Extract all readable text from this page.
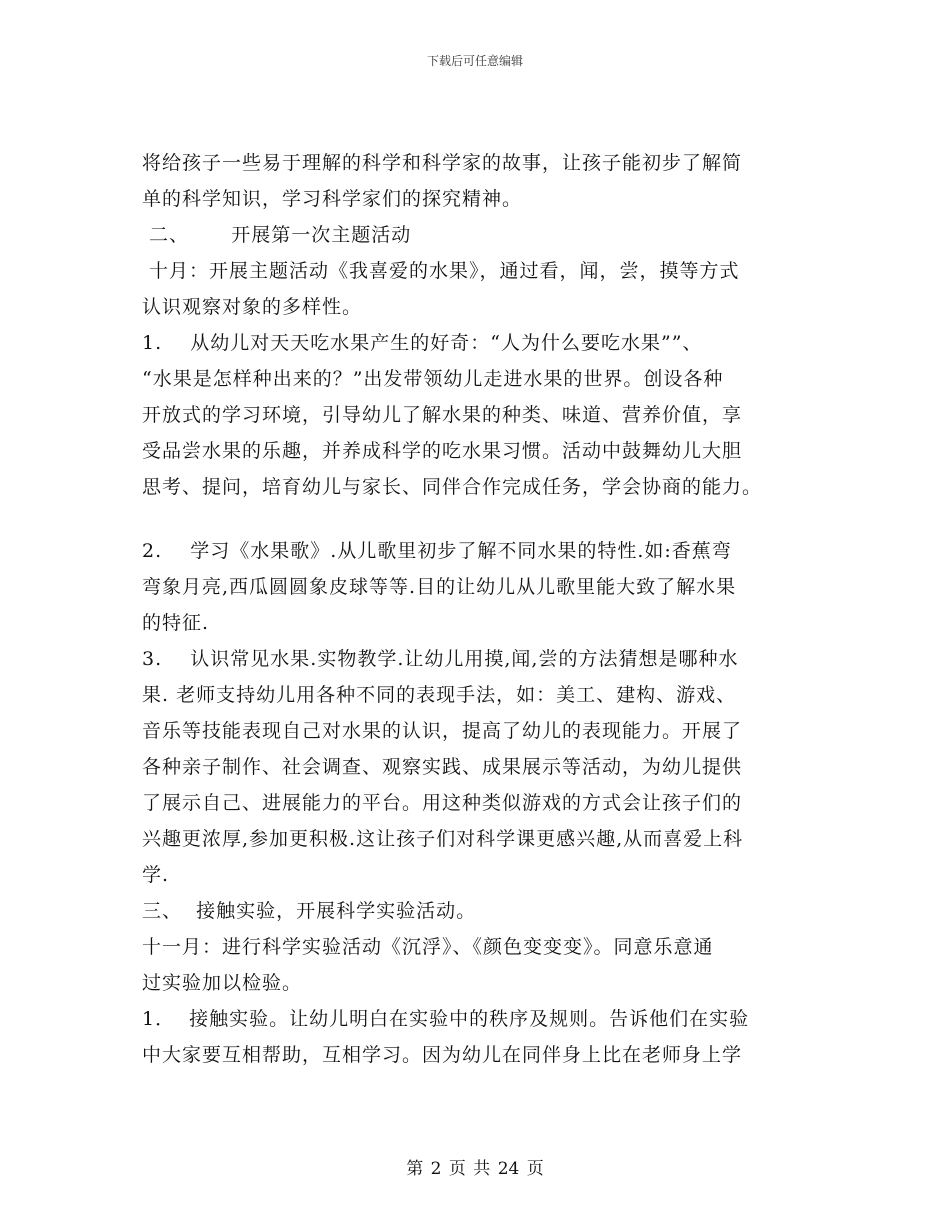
下载后可任意编辑
将给孩子一些易于理解的科学和科学家的故事，让孩子能初步了解简
单的科学知识，学习科学家们的探究精神。
二、      开展第一次主题活动
十月：开展主题活动《我喜爱的水果》，通过看，闻，尝，摸等方式
认识观察对象的多样性。
1.    从幼儿对天天吃水果产生的好奇：“人为什么要吃水果””、
“水果是怎样种出来的？”出发带领幼儿走进水果的世界。创设各种
开放式的学习环境，引导幼儿了解水果的种类、味道、营养价值，享
受品尝水果的乐趣，并养成科学的吃水果习惯。活动中鼓舞幼儿大胆
思考、提问，培育幼儿与家长、同伴合作完成任务，学会协商的能力。
2.    学习《水果歌》.从儿歌里初步了解不同水果的特性.如:香蕉弯
弯象月亮,西瓜圆圆象皮球等等.目的让幼儿从儿歌里能大致了解水果
的特征.
3.    认识常见水果.实物教学.让幼儿用摸,闻,尝的方法猜想是哪种水
果. 老师支持幼儿用各种不同的表现手法，如：美工、建构、游戏、
音乐等技能表现自己对水果的认识，提高了幼儿的表现能力。开展了
各种亲子制作、社会调查、观察实践、成果展示等活动，为幼儿提供
了展示自己、进展能力的平台。用这种类似游戏的方式会让孩子们的
兴趣更浓厚,参加更积极.这让孩子们对科学课更感兴趣,从而喜爱上科
学.
三、  接触实验，开展科学实验活动。
十一月：进行科学实验活动《沉浮》、《颜色变变变》。同意乐意通
过实验加以检验。
1．  接触实验。让幼儿明白在实验中的秩序及规则。告诉他们在实验
中大家要互相帮助，互相学习。因为幼儿在同伴身上比在老师身上学
第 2 页 共 24 页
